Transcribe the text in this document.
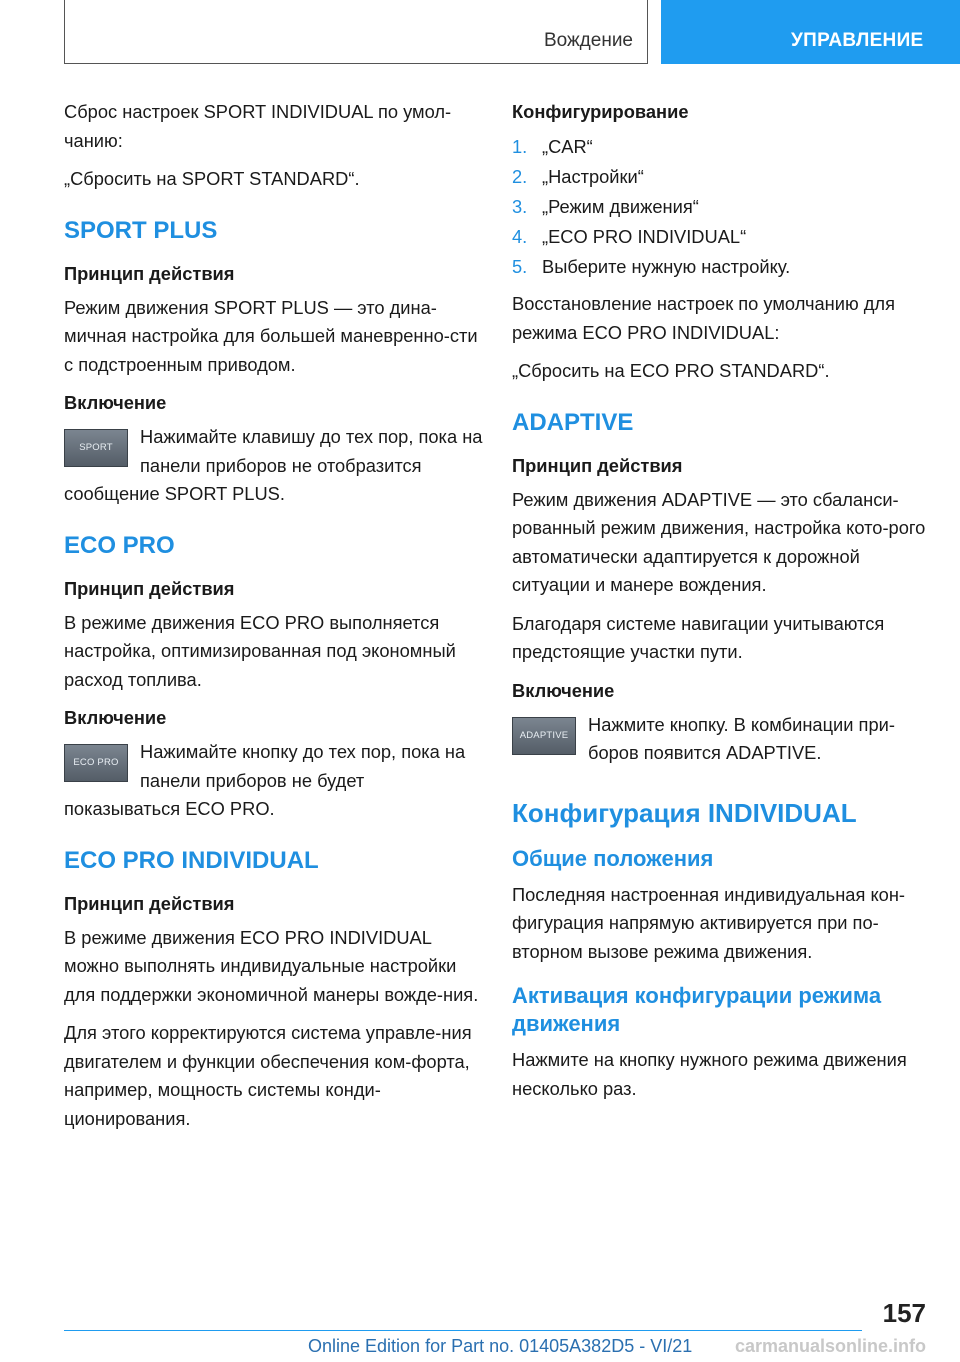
Вождение	УПРАВЛЕНИЕ

Сброс настроек SPORT INDIVIDUAL по умол‐чанию:

„Сбросить на SPORT STANDARD“.

SPORT PLUS
Принцип действия

Режим движения SPORT PLUS — это дина‐мичная настройка для большей маневренно‐сти с подстроенным приводом.

Включение
SPORT

Нажимайте клавишу до тех пор, пока на панели приборов не отобразится сообщение SPORT PLUS.

ECO PRO
Принцип действия

В режиме движения ECO PRO выполняется настройка, оптимизированная под экономный расход топлива.

Включение
ECO PRO

Нажимайте кнопку до тех пор, пока на панели приборов не будет показываться ECO PRO.

ECO PRO INDIVIDUAL
Принцип действия

В режиме движения ECO PRO INDIVIDUAL можно выполнять индивидуальные настройки для поддержки экономичной манеры вожде‐ния.

Для этого корректируются система управле‐ния двигателем и функции обеспечения ком‐форта, например, мощность системы конди‐ционирования.

Конфигурирование
1. „CAR“
2. „Настройки“
3. „Режим движения“
4. „ECO PRO INDIVIDUAL“
5. Выберите нужную настройку.

Восстановление настроек по умолчанию для режима ECO PRO INDIVIDUAL:

„Сбросить на ECO PRO STANDARD“.

ADAPTIVE
Принцип действия

Режим движения ADAPTIVE — это сбаланси‐рованный режим движения, настройка кото‐рого автоматически адаптируется к дорожной ситуации и манере вождения.

Благодаря системе навигации учитываются предстоящие участки пути.

Включение
ADAPTIVE

Нажмите кнопку. В комбинации при‐боров появится ADAPTIVE.

Конфигурация INDIVIDUAL
Общие положения

Последняя настроенная индивидуальная кон‐фигурация напрямую активируется при по‐вторном вызове режима движения.

Активация конфигурации режима движения

Нажмите на кнопку нужного режима движения несколько раз.

157
Online Edition for Part no. 01405A382D5 - VI/21 carmanualsonline.info
